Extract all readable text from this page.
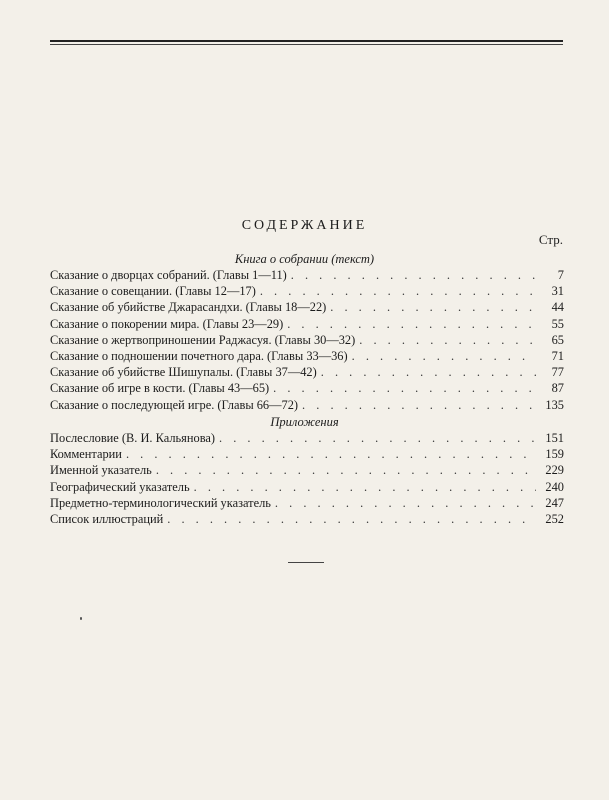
СОДЕРЖАНИЕ
Стр.
Книга о собрании (текст)
Сказание о дворцах собраний. (Главы 1—11) . . .	7
Сказание о совещании. (Главы 12—17) . . .	31
Сказание об убийстве Джарасандхи. (Главы 18—22) . . .	44
Сказание о покорении мира. (Главы 23—29) . . .	55
Сказание о жертвоприношении Раджасуя. (Главы 30—32) . . .	65
Сказание о подношении почетного дара. (Главы 33—36) . . .	71
Сказание об убийстве Шишупалы. (Главы 37—42) . . .	77
Сказание об игре в кости. (Главы 43—65) . . .	87
Сказание о последующей игре. (Главы 66—72) . . .	135
Приложения
Послесловие (В. И. Кальянова) . . .	151
Комментарии . . .	159
Именной указатель . . .	229
Географический указатель . . .	240
Предметно-терминологический указатель . . .	247
Список иллюстраций . . .	252
